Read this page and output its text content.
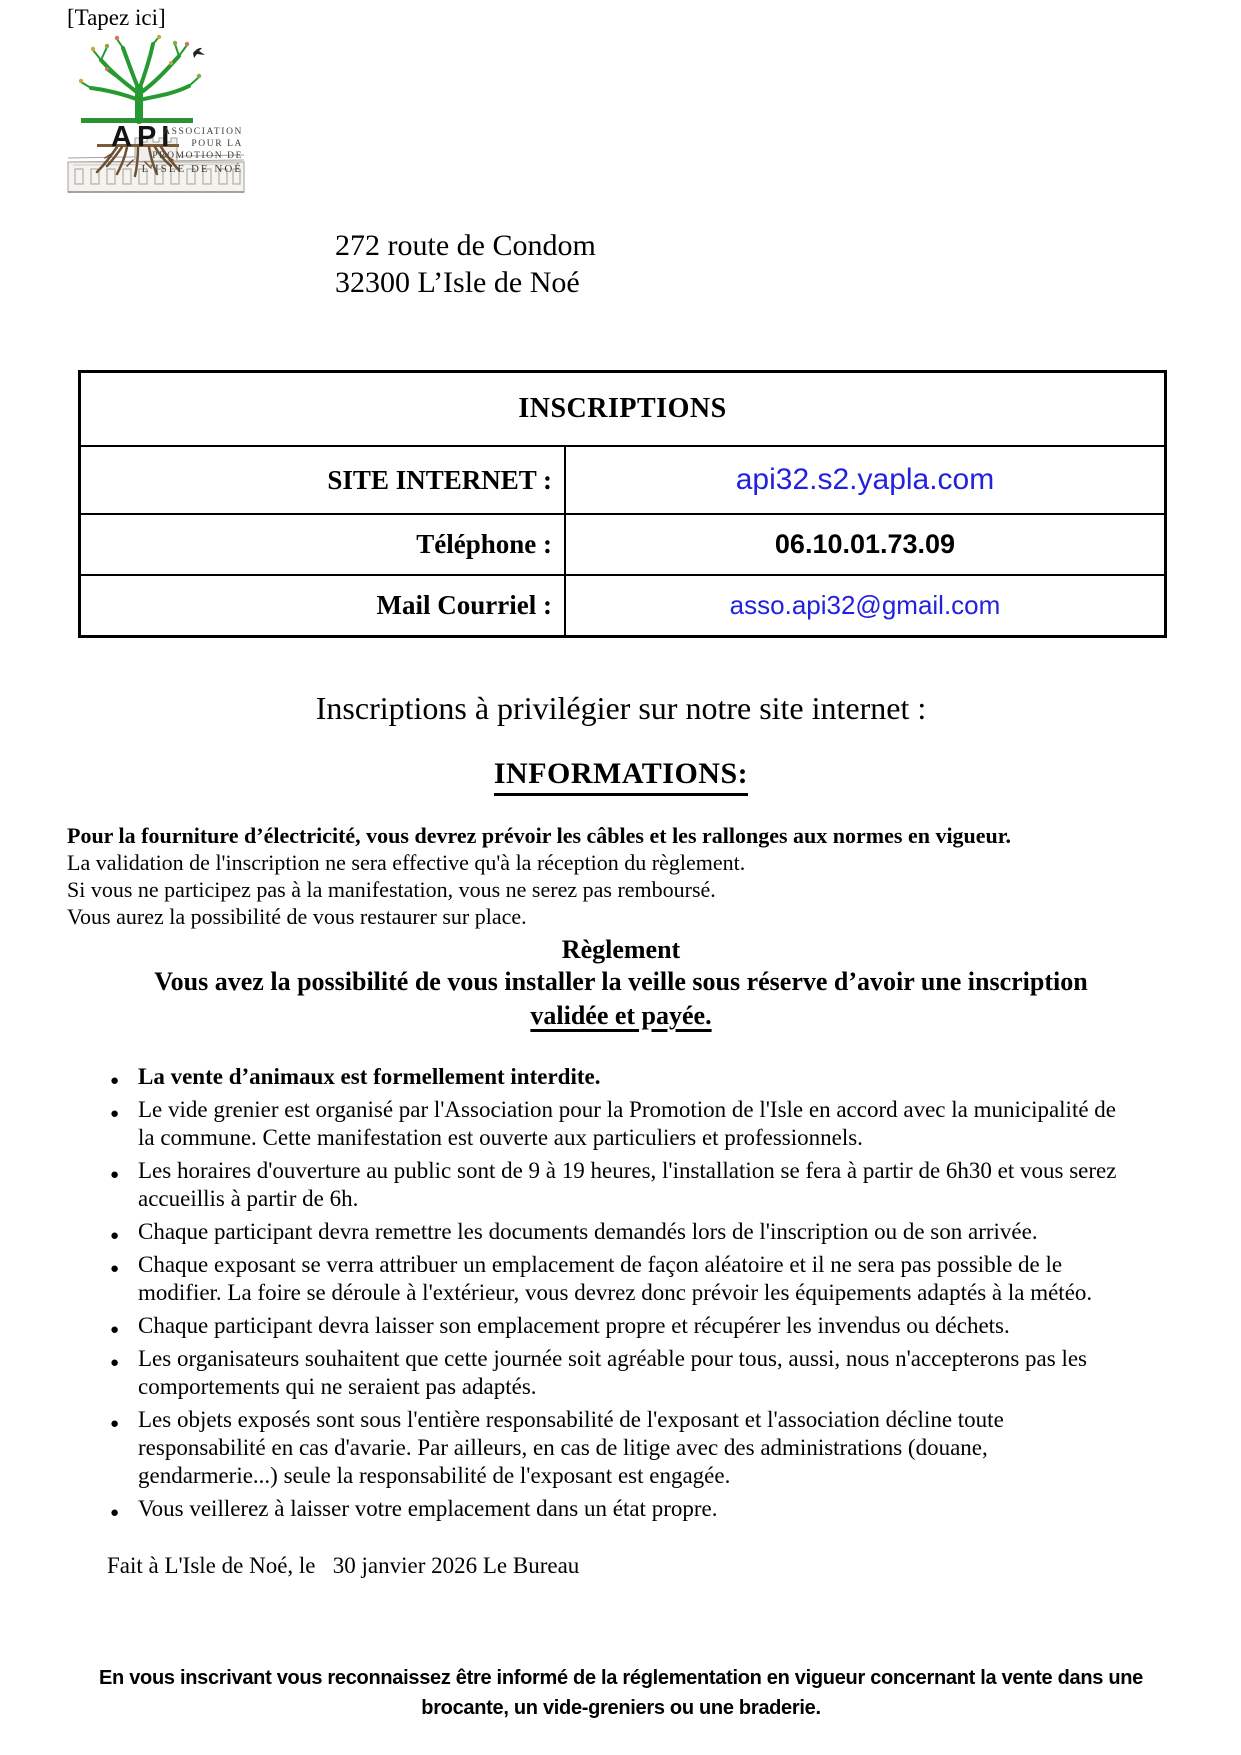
[Tapez ici]
API
ASSOCIATION
POUR LA
PROMOTION DE
L’ISLE DE NOÉ
272 route de Condom
32300 L’Isle de Noé
INSCRIPTIONS
SITE INTERNET :	api32.s2.yapla.com
Téléphone :	06.10.01.73.09
Mail Courriel :	asso.api32@gmail.com
Inscriptions à privilégier sur notre site internet :
INFORMATIONS:
Pour la fourniture d’électricité, vous devrez prévoir les câbles et les rallonges aux normes en vigueur.
La validation de l'inscription ne sera effective qu'à la réception du règlement.
Si vous ne participez pas à la manifestation, vous ne serez pas remboursé.
Vous aurez la possibilité de vous restaurer sur place.
Règlement
Vous avez la possibilité de vous installer la veille sous réserve d’avoir une inscription
validée et payée.
● La vente d’animaux est formellement interdite.
● Le vide grenier est organisé par l'Association pour la Promotion de l'Isle en accord avec la municipalité de la commune. Cette manifestation est ouverte aux particuliers et professionnels.
● Les horaires d'ouverture au public sont de 9 à 19 heures, l'installation se fera à partir de 6h30 et vous serez accueillis à partir de 6h.
● Chaque participant devra remettre les documents demandés lors de l'inscription ou de son arrivée.
● Chaque exposant se verra attribuer un emplacement de façon aléatoire et il ne sera pas possible de le modifier. La foire se déroule à l'extérieur, vous devrez donc prévoir les équipements adaptés à la météo.
● Chaque participant devra laisser son emplacement propre et récupérer les invendus ou déchets.
● Les organisateurs souhaitent que cette journée soit agréable pour tous, aussi, nous n'accepterons pas les comportements qui ne seraient pas adaptés.
● Les objets exposés sont sous l'entière responsabilité de l'exposant et l'association décline toute responsabilité en cas d'avarie. Par ailleurs, en cas de litige avec des administrations (douane, gendarmerie...) seule la responsabilité de l'exposant est engagée.
● Vous veillerez à laisser votre emplacement dans un état propre.
Fait à L'Isle de Noé, le   30 janvier 2026 Le Bureau
En vous inscrivant vous reconnaissez être informé de la réglementation en vigueur concernant la vente dans une brocante, un vide-greniers ou une braderie.
